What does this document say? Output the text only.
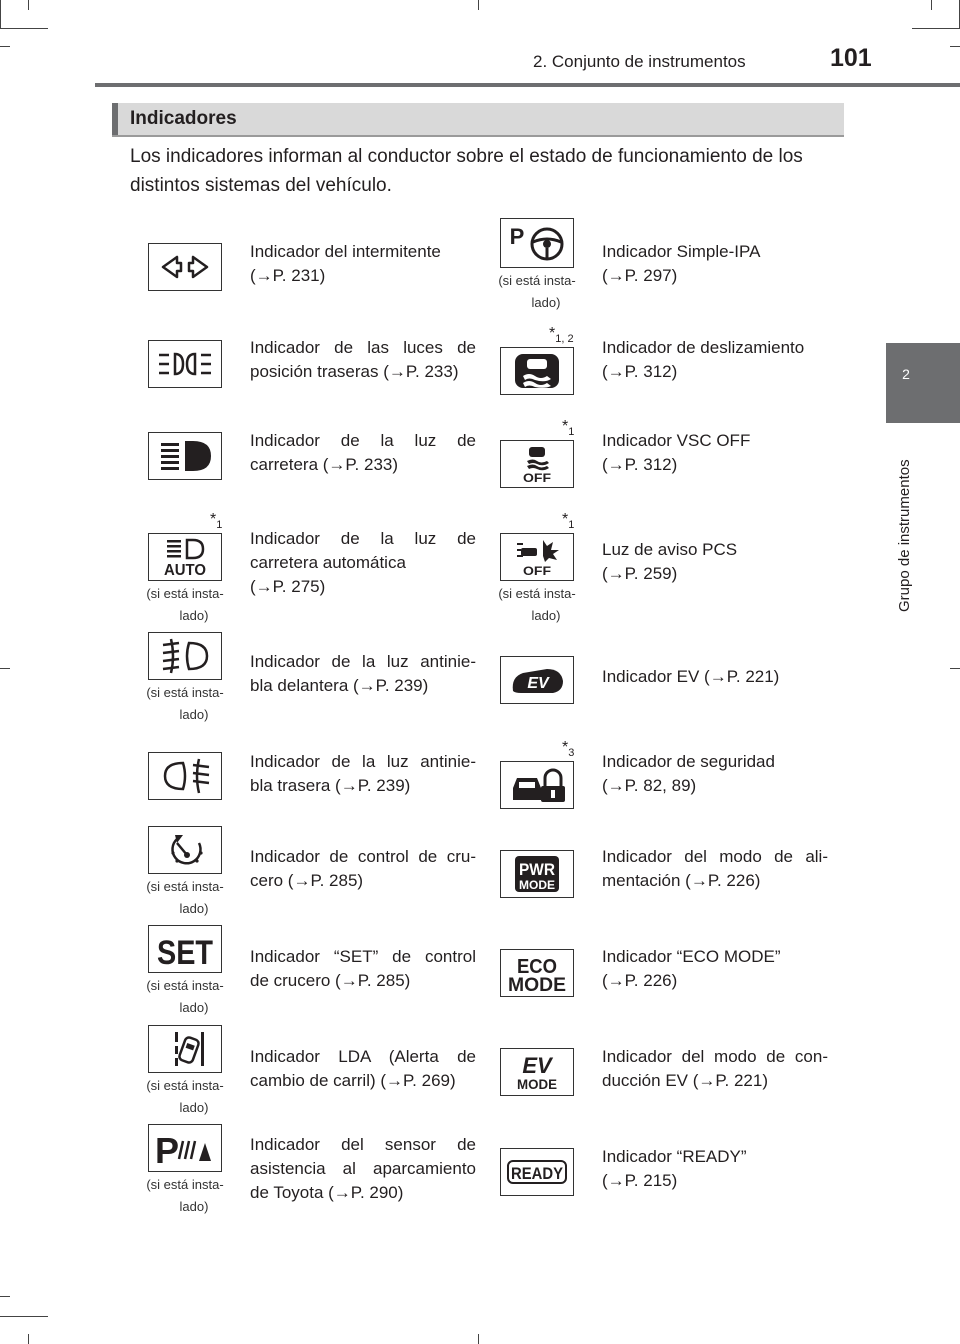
2. Conjunto de instrumentos	101
2
Grupo de instrumentos
Indicadores
Los indicadores informan al conductor sobre el estado de funcionamiento de los distintos sistemas del vehículo.
Indicador del intermitente
(→P. 231)
Indicador de las luces de
posición traseras (→P. 233)
Indicador de la luz de
carretera (→P. 233)
AUTO
(si está insta-
lado)
$*_1$
Indicador de la luz de
carretera automática
(→P. 275)
(si está insta-
lado)
Indicador de la luz antinie-
bla delantera (→P. 239)
Indicador de la luz antinie-
bla trasera (→P. 239)
(si está insta-
lado)
Indicador de control de cru-
cero (→P. 285)
SET
(si está insta-
lado)
Indicador “SET” de control
de crucero (→P. 285)
(si está insta-
lado)
Indicador LDA (Alerta de
cambio de carril) (→P. 269)
P
(si está insta-
lado)
Indicador del sensor de
asistencia al aparcamiento
de Toyota (→P. 290)
P
(si está insta-
lado)
Indicador Simple-IPA
(→P. 297)
$*_{1, 2}$ Indicador de deslizamiento
(→P. 312)
OFF
$*_1$ Indicador VSC OFF
(→P. 312)
OFF
(si está insta-
lado)
$*_1$
Luz de aviso PCS
(→P. 259)
EV	Indicador EV (→P. 221)
$*_3$ Indicador de seguridad
(→P. 82, 89)
PWR
MODE
Indicador del modo de ali-
mentación (→P. 226)
ECO
MODE
Indicador “ECO MODE”
(→P. 226)
EV
MODE
Indicador del modo de con-
ducción EV (→P. 221)
READY
Indicador “READY”
(→P. 215)
